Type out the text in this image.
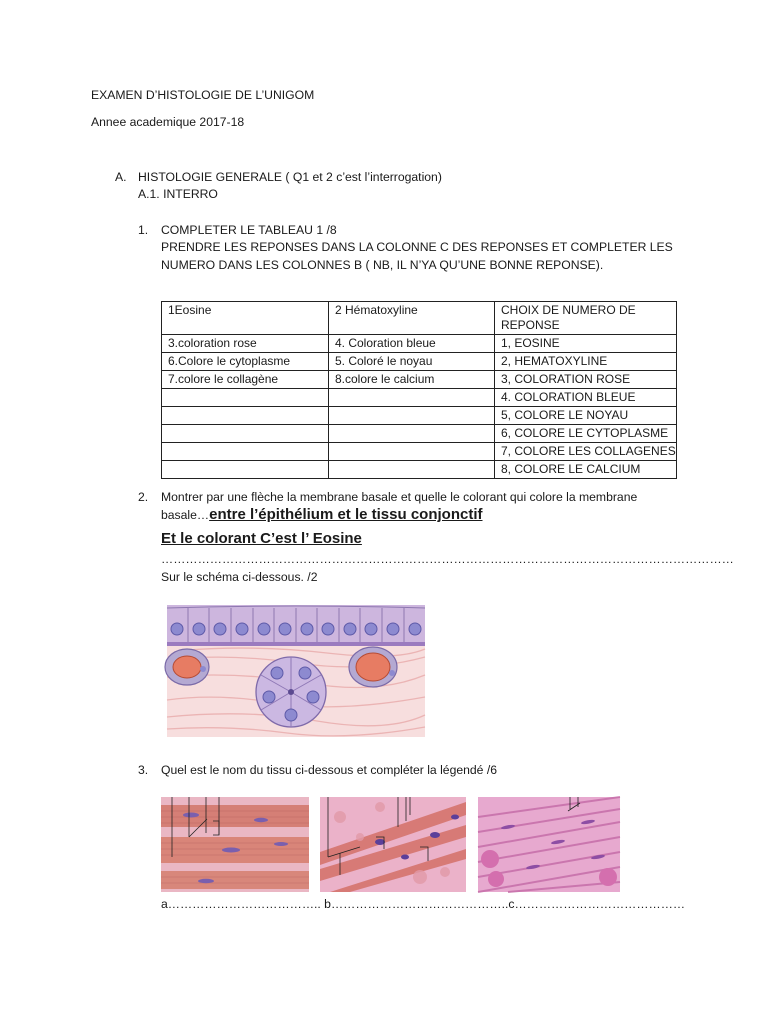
EXAMEN D’HISTOLOGIE DE L’UNIGOM
Annee academique 2017-18
A. HISTOLOGIE GENERALE ( Q1 et 2 c’est l’interrogation)
A.1. INTERRO
1. COMPLETER LE TABLEAU 1 /8
PRENDRE LES REPONSES DANS LA COLONNE C DES REPONSES ET COMPLETER LES
NUMERO DANS LES COLONNES B ( NB, IL N’YA QU’UNE BONNE REPONSE).
1Eosine	2 Hématoxyline	CHOIX DE NUMERO DE REPONSE
3.coloration rose	4. Coloration bleue	1, EOSINE
6.Colore le cytoplasme	5. Coloré le noyau	2, HEMATOXYLINE
7.colore le collagène	8.colore le calcium	3, COLORATION ROSE
		4. COLORATION BLEUE
		5, COLORE LE NOYAU
		6, COLORE LE CYTOPLASME
		7, COLORE LES COLLAGENES
		8, COLORE LE CALCIUM
2. Montrer par une flèche la membrane basale et quelle le colorant qui colore la membrane
basale…entre l’épithélium et le tissu conjonctif
Et le colorant C’est l’ Eosine
……………………………………………………………………………………………………………………………
Sur le schéma ci-dessous. /2
3. Quel est le nom du tissu ci-dessous et compléter la légendé /6
a……………………………….. b……………………………………..c……………………………………
